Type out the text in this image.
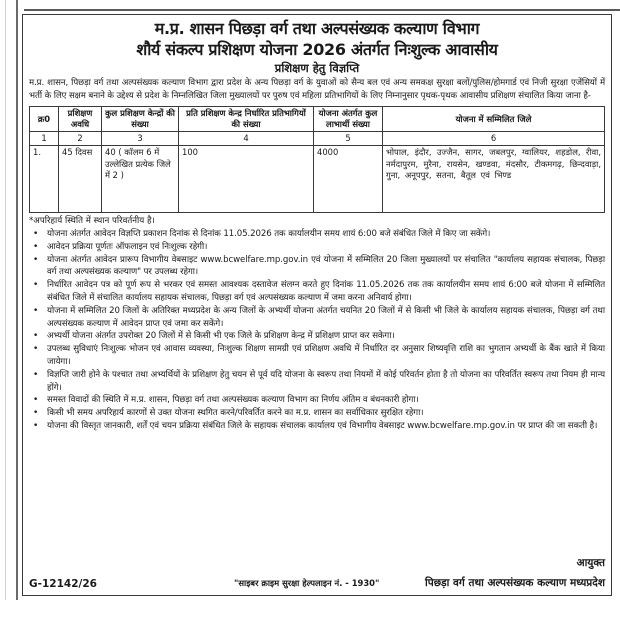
म.प्र. शासन पिछड़ा वर्ग तथा अल्पसंख्यक कल्याण विभाग
शौर्य संकल्प प्रशिक्षण योजना 2026 अंतर्गत निःशुल्क आवासीय
प्रशिक्षण हेतु विज्ञप्ति
म.प्र. शासन, पिछड़ा वर्ग तथा अल्पसंख्यक कल्याण विभाग द्वारा प्रदेश के अन्य पिछड़ा वर्ग के युवाओं को सैन्य बल एवं अन्य समकक्ष सुरक्षा बलों/पुलिस/होमगार्ड एवं निजी सुरक्षा एजेंसियों में भर्ती के लिए सक्षम बनाने के उद्देश्य से प्रदेश के निम्नलिखित जिला मुख्यालयों पर पुरुष एवं महिला प्रतिभागियों के लिए निम्नानुसार पृथक-पृथक आवासीय प्रशिक्षण संचालित किया जाना है-
क्र0	प्रशिक्षण अवधि	कुल प्रशिक्षण केन्द्रों की संख्या	प्रति प्रशिक्षण केन्द्र निर्धारित प्रतिभागियों की संख्या	योजना अंतर्गत कुल लाभार्थी संख्या	योजना में सम्मिलित जिले
1	2	3	4	5	6
1.	45 दिवस	40 ( कॉलम 6 में उल्लेखित प्रत्येक जिले में 2 )	100	4000	भोपाल, इंदौर, उज्जैन, सागर, जबलपुर, ग्वालियर, शहडोल, रीवा, नर्मदापुरम, मुरैना, रायसेन, खण्डवा, मंदसौर, टीकमगढ़, छिन्दवाड़ा, गुना, अनूपपुर, सतना, बैतूल एवं भिण्ड
*अपरिहार्य स्थिति में स्थान परिवर्तनीय है।
• योजना अंतर्गत आवेदन विज्ञप्ति प्रकाशन दिनांक से दिनांक 11.05.2026 तक कार्यालयीन समय शायं 6:00 बजे संबंधित जिले में किए जा सकेंगे।
• आवेदन प्रक्रिया पूर्णतः ऑफलाइन एवं निःशुल्क रहेगी।
• योजना अंतर्गत आवेदन प्रारूप विभागीय वेबसाइट www.bcwelfare.mp.gov.in एवं योजना में सम्मिलित 20 जिला मुख्यालयों पर संचालित "कार्यालय सहायक संचालक, पिछड़ा वर्ग तथा अल्पसंख्यक कल्याण" पर उपलब्ध रहेगा।
• निर्धारित आवेदन पत्र को पूर्ण रूप से भरकर एवं समस्त आवश्यक दस्तावेज संलग्न करते हुए दिनांक 11.05.2026 तक तक कार्यालयीन समय शायं 6:00 बजे योजना में सम्मिलित संबंधित जिले में संचालित कार्यालय सहायक संचालक, पिछड़ा वर्ग एवं अल्पसंख्यक कल्याण में जमा करना अनिवार्य होगा।
• योजना में सम्मिलित 20 जिलों के अतिरिक्त मध्यप्रदेश के अन्य जिलों के अभ्यर्थी योजना अंतर्गत चयनित 20 जिलों में से किसी भी जिले के कार्यालय सहायक संचालक, पिछड़ा वर्ग तथा अल्पसंख्यक कल्याण में आवेदन प्राप्त एवं जमा कर सकेंगे।
• अभ्यर्थी योजना अंतर्गत उपरोक्त 20 जिलों में से किसी भी एक जिले के प्रशिक्षण केन्द्र में प्रशिक्षण प्राप्त कर सकेगा।
• उपलब्ध सुविधाएं निःशुल्क भोजन एवं आवास व्यवस्था, निःशुल्क शिक्षण सामग्री एवं प्रशिक्षण अवधि में निर्धारित दर अनुसार शिष्यवृत्ति राशि का भुगतान अभ्यर्थी के बैंक खाते में किया जायेगा।
• विज्ञप्ति जारी होने के पश्चात तथा अभ्यर्थियों के प्रशिक्षण हेतु चयन से पूर्व यदि योजना के स्वरूप तथा नियमों में कोई परिवर्तन होता है तो योजना का परिवर्तित स्वरूप तथा नियम ही मान्य होंगे।
• समस्त विवादों की स्थिति में म.प्र. शासन, पिछड़ा वर्ग तथा अल्पसंख्यक कल्याण विभाग का निर्णय अंतिम व बंधनकारी होगा।
• किसी भी समय अपरिहार्य कारणों से उक्त योजना स्थगित करने/परिवर्तित करने का म.प्र. शासन का सर्वाधिकार सुरक्षित रहेगा।
• योजना की विस्तृत जानकारी, शर्तें एवं चयन प्रक्रिया संबंधित जिले के सहायक संचालक कार्यालय एवं विभागीय वेबसाइट www.bcwelfare.mp.gov.in पर प्राप्त की जा सकती है।
आयुक्त
G-12142/26	"साइबर क्राइम सुरक्षा हेल्पलाइन नं. - 1930"	पिछड़ा वर्ग तथा अल्पसंख्यक कल्याण मध्यप्रदेश
